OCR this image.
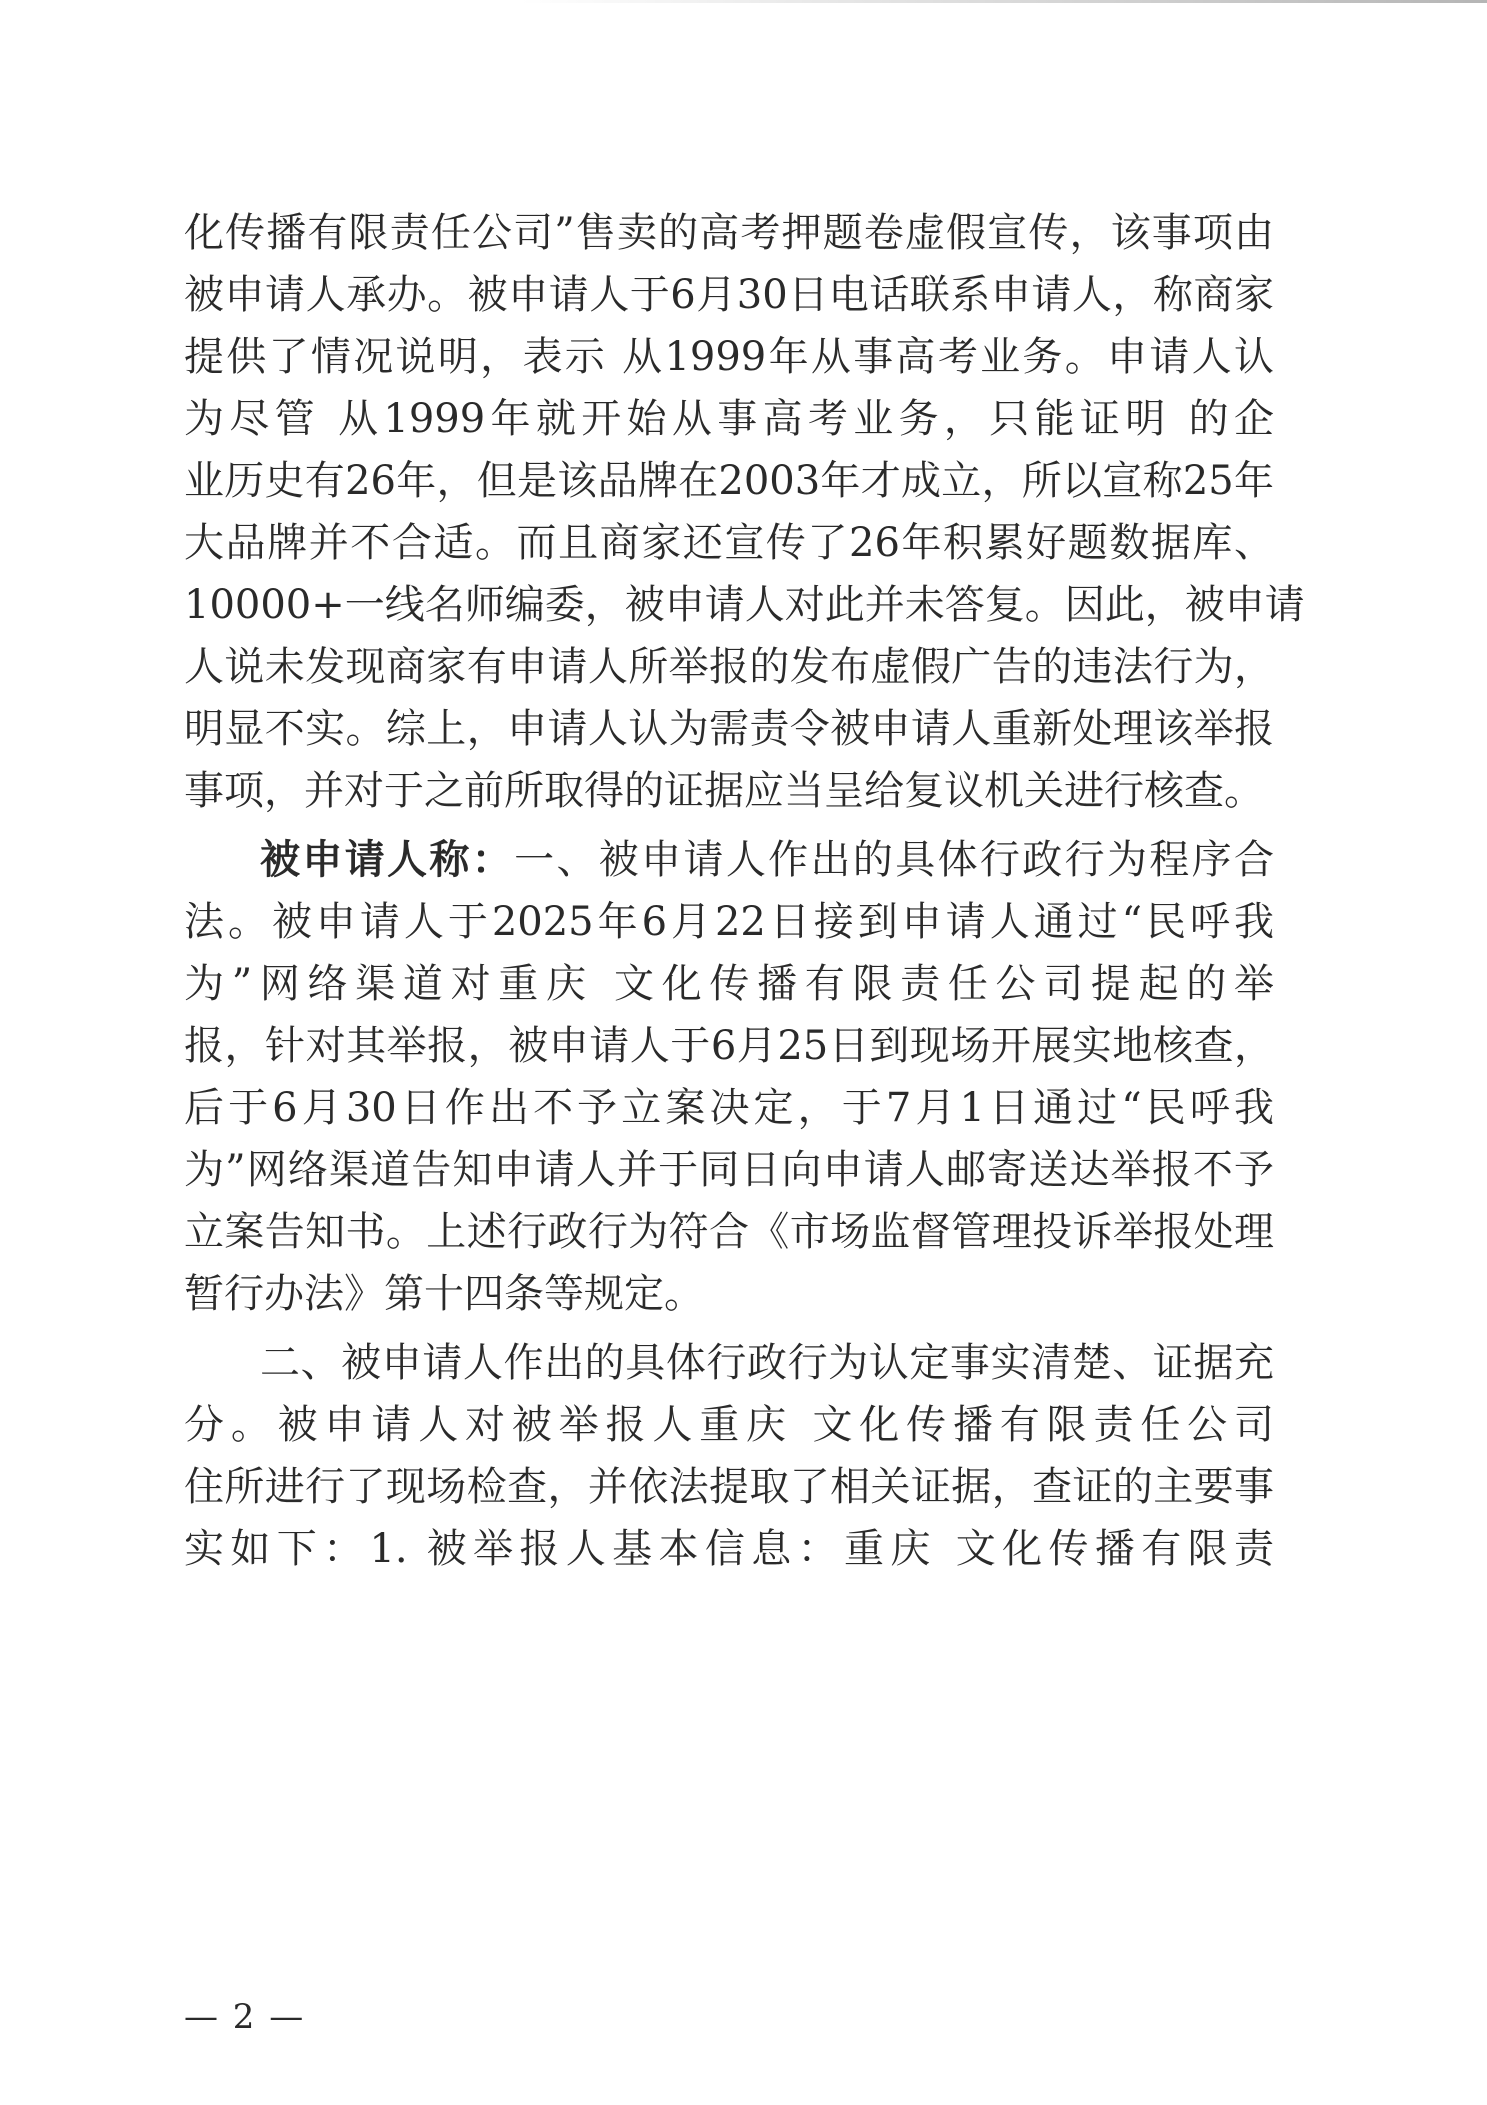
化传播有限责任公司”售卖的高考押题卷虚假宣传，该事项由
被申请人承办。被申请人于6月30日电话联系申请人，称商家
提供了情况说明，表示 从1999年从事高考业务。申请人认
为尽管 从1999年就开始从事高考业务，只能证明 的企
业历史有26年，但是该品牌在2003年才成立，所以宣称25年
大品牌并不合适。而且商家还宣传了26年积累好题数据库、
10000+一线名师编委，被申请人对此并未答复。因此，被申请
人说未发现商家有申请人所举报的发布虚假广告的违法行为，
明显不实。综上，申请人认为需责令被申请人重新处理该举报
事项，并对于之前所取得的证据应当呈给复议机关进行核查。
被申请人称：一、被申请人作出的具体行政行为程序合
法。被申请人于2025年6月22日接到申请人通过“民呼我
为”网络渠道对重庆 文化传播有限责任公司提起的举
报，针对其举报，被申请人于6月25日到现场开展实地核查，
后于6月30日作出不予立案决定，于7月1日通过“民呼我
为”网络渠道告知申请人并于同日向申请人邮寄送达举报不予
立案告知书。上述行政行为符合《市场监督管理投诉举报处理
暂行办法》第十四条等规定。
二、被申请人作出的具体行政行为认定事实清楚、证据充
分。被申请人对被举报人重庆 文化传播有限责任公司
住所进行了现场检查，并依法提取了相关证据，查证的主要事
实如下：1. 被举报人基本信息：重庆 文化传播有限责
— 2 —
